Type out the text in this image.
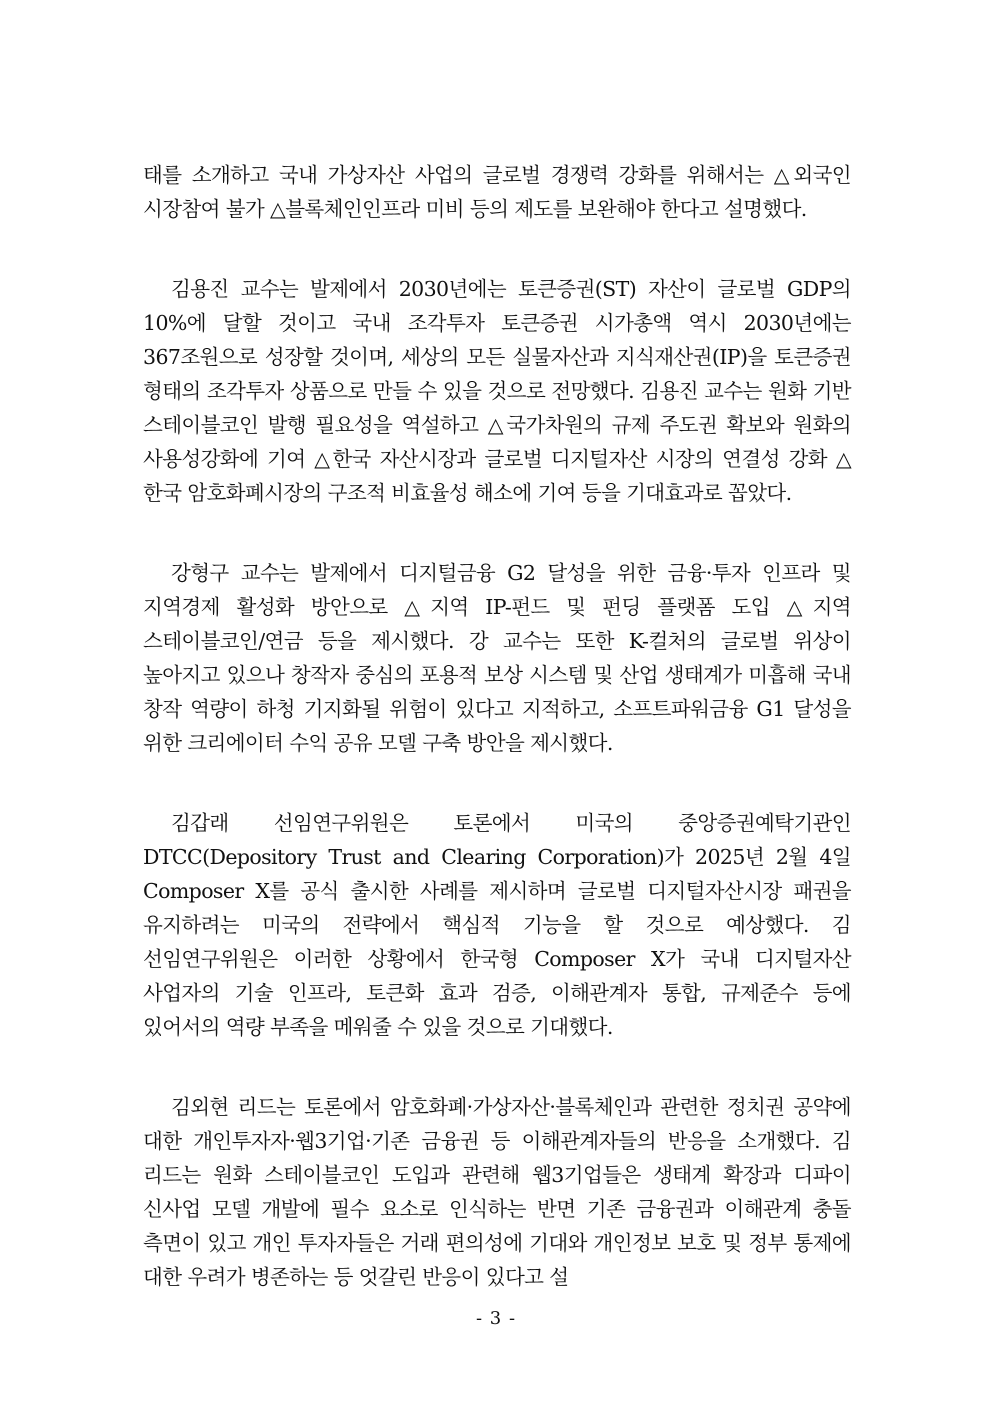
태를 소개하고 국내 가상자산 사업의 글로벌 경쟁력 강화를 위해서는 △외국인 시장참여 불가 △블록체인인프라 미비 등의 제도를 보완해야 한다고 설명했다.

김용진 교수는 발제에서 2030년에는 토큰증권(ST) 자산이 글로벌 GDP의 10%에 달할 것이고 국내 조각투자 토큰증권 시가총액 역시 2030년에는 367조원으로 성장할 것이며, 세상의 모든 실물자산과 지식재산권(IP)을 토큰증권 형태의 조각투자 상품으로 만들 수 있을 것으로 전망했다. 김용진 교수는 원화 기반 스테이블코인 발행 필요성을 역설하고 △국가차원의 규제 주도권 확보와 원화의 사용성강화에 기여 △한국 자산시장과 글로벌 디지털자산 시장의 연결성 강화 △한국 암호화폐시장의 구조적 비효율성 해소에 기여 등을 기대효과로 꼽았다.

강형구 교수는 발제에서 디지털금융 G2 달성을 위한 금융·투자 인프라 및 지역경제 활성화 방안으로 △지역 IP-펀드 및 펀딩 플랫폼 도입 △지역 스테이블코인/연금 등을 제시했다. 강 교수는 또한 K-컬처의 글로벌 위상이 높아지고 있으나 창작자 중심의 포용적 보상 시스템 및 산업 생태계가 미흡해 국내 창작 역량이 하청 기지화될 위험이 있다고 지적하고, 소프트파워금융 G1 달성을 위한 크리에이터 수익 공유 모델 구축 방안을 제시했다.

김갑래 선임연구위원은 토론에서 미국의 중앙증권예탁기관인 DTCC(Depository Trust and Clearing Corporation)가 2025년 2월 4일 Composer X를 공식 출시한 사례를 제시하며 글로벌 디지털자산시장 패권을 유지하려는 미국의 전략에서 핵심적 기능을 할 것으로 예상했다. 김 선임연구위원은 이러한 상황에서 한국형 Composer X가 국내 디지털자산 사업자의 기술 인프라, 토큰화 효과 검증, 이해관계자 통합, 규제준수 등에 있어서의 역량 부족을 메워줄 수 있을 것으로 기대했다.

김외현 리드는 토론에서 암호화폐·가상자산·블록체인과 관련한 정치권 공약에 대한 개인투자자·웹3기업·기존 금융권 등 이해관계자들의 반응을 소개했다. 김 리드는 원화 스테이블코인 도입과 관련해 웹3기업들은 생태계 확장과 디파이 신사업 모델 개발에 필수 요소로 인식하는 반면 기존 금융권과 이해관계 충돌 측면이 있고 개인 투자자들은 거래 편의성에 기대와 개인정보 보호 및 정부 통제에 대한 우려가 병존하는 등 엇갈린 반응이 있다고 설

- 3 -
